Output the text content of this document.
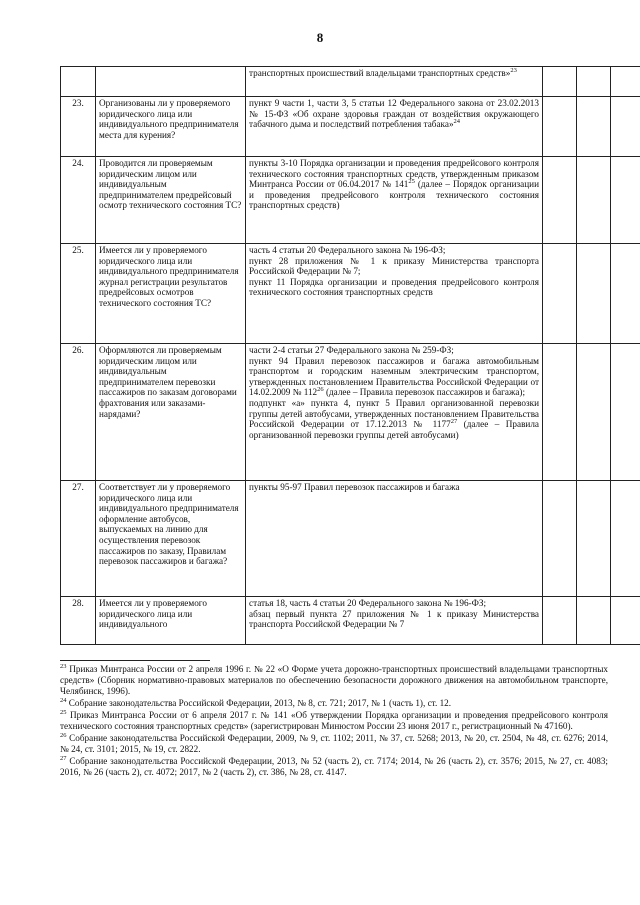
8

		транспортных происшествий владельцами транспортных средств»$^{23}$

23.	Организованы ли у проверяемого юридического лица или индивидуального предпринимателя места для курения?	пункт 9 части 1, части 3, 5 статьи 12 Федерального закона от 23.02.2013 № 15-ФЗ «Об охране здоровья граждан от воздействия окружающего табачного дыма и последствий потребления табака»$^{24}$

24.	Проводится ли проверяемым юридическим лицом или индивидуальным предпринимателем предрейсовый осмотр технического состояния ТС?	пункты 3-10 Порядка организации и проведения предрейсового контроля технического состояния транспортных средств, утвержденным приказом Минтранса России от 06.04.2017 № $141^{25}$ (далее – Порядок организации и проведения предрейсового контроля технического состояния транспортных средств)			

25.	Имеется ли у проверяемого юридического лица или индивидуального предпринимателя журнал регистрации результатов предрейсовых осмотров технического состояния ТС?	часть 4 статьи 20 Федерального закона № 196-ФЗ;
пункт 28 приложения № 1 к приказу Министерства транспорта Российской Федерации № 7;
пункт 11 Порядка организации и проведения предрейсового контроля технического состояния транспортных средств			

26.	Оформляются ли проверяемым юридическим лицом или индивидуальным предпринимателем перевозки пассажиров по заказам договорами фрахтования или заказами-нарядами?	части 2-4 статьи 27 Федерального закона № 259-ФЗ;
пункт 94 Правил перевозок пассажиров и багажа автомобильным транспортом и городским наземным электрическим транспортом, утвержденных постановлением Правительства Российской Федерации от 14.02.2009 № $112^{26}$ (далее – Правила перевозок пассажиров и багажа);
подпункт «а» пункта 4, пункт 5 Правил организованной перевозки группы детей автобусами, утвержденных постановлением Правительства Российской Федерации от 17.12.2013 № 1177$^{27}$ (далее – Правила организованной перевозки группы детей автобусами)			

27.	Соответствует ли у проверяемого юридического лица или индивидуального предпринимателя оформление автобусов, выпускаемых на линию для осуществления перевозок пассажиров по заказу, Правилам перевозок пассажиров и багажа?	пункты 95-97 Правил перевозок пассажиров и багажа			

28.	Имеется ли у проверяемого юридического лица или индивидуального	статья 18, часть 4 статьи 20 Федерального закона № 196-ФЗ;
абзац первый пункта 27 приложения № 1 к приказу Министерства транспорта Российской Федерации № 7			

$^{23}$ Приказ Минтранса России от 2 апреля 1996 г. № 22 «О Форме учета дорожно-транспортных происшествий владельцами транспортных средств» (Сборник нормативно-правовых материалов по обеспечению безопасности дорожного движения на автомобильном транспорте, Челябинск, 1996).
$^{24}$ Собрание законодательства Российской Федерации, 2013, № 8, ст. 721; 2017, № 1 (часть 1), ст. 12.
$^{25}$ Приказ Минтранса России от 6 апреля 2017 г. № 141 «Об утверждении Порядка организации и проведения предрейсового контроля технического состояния транспортных средств» (зарегистрирован Минюстом России 23 июня 2017 г., регистрационный № 47160).
$^{26}$ Собрание законодательства Российской Федерации, 2009, № 9, ст. 1102; 2011, № 37, ст. 5268; 2013, № 20, ст. 2504, № 48, ст. 6276; 2014, № 24, ст. 3101; 2015, № 19, ст. 2822.
$^{27}$ Собрание законодательства Российской Федерации, 2013, № 52 (часть 2), ст. 7174; 2014, № 26 (часть 2), ст. 3576; 2015, № 27, ст. 4083; 2016, № 26 (часть 2), ст. 4072; 2017, № 2 (часть 2), ст. 386, № 28, ст. 4147.
